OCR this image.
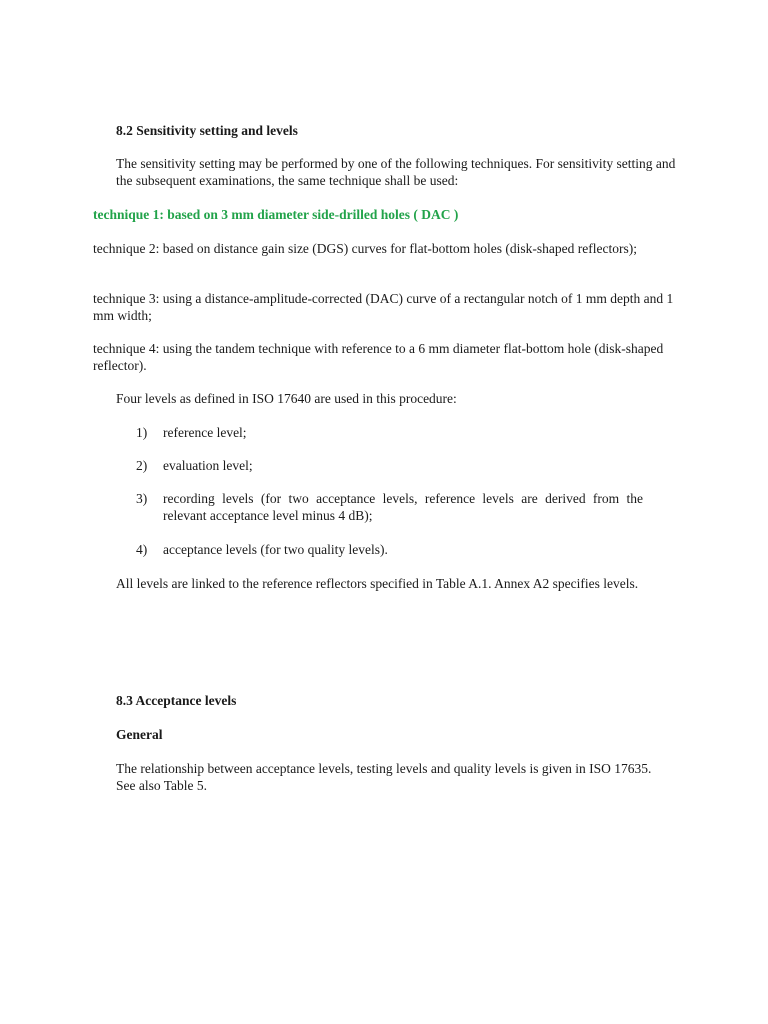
8.2 Sensitivity setting and levels

The sensitivity setting may be performed by one of the following techniques. For sensitivity setting and the subsequent examinations, the same technique shall be used:

technique 1: based on 3 mm diameter side-drilled holes ( DAC )

technique 2: based on distance gain size (DGS) curves for flat-bottom holes (disk-shaped reflectors);

technique 3: using a distance-amplitude-corrected (DAC) curve of a rectangular notch of 1 mm depth and 1 mm width;

technique 4: using the tandem technique with reference to a 6 mm diameter flat-bottom hole (disk-shaped reflector).

Four levels as defined in ISO 17640 are used in this procedure:

1) reference level;
2) evaluation level;
3) recording levels (for two acceptance levels, reference levels are derived from the relevant acceptance level minus 4 dB);
4) acceptance levels (for two quality levels).

All levels are linked to the reference reflectors specified in Table A.1. Annex A2 specifies levels.

8.3 Acceptance levels

General

The relationship between acceptance levels, testing levels and quality levels is given in ISO 17635. See also Table 5.
